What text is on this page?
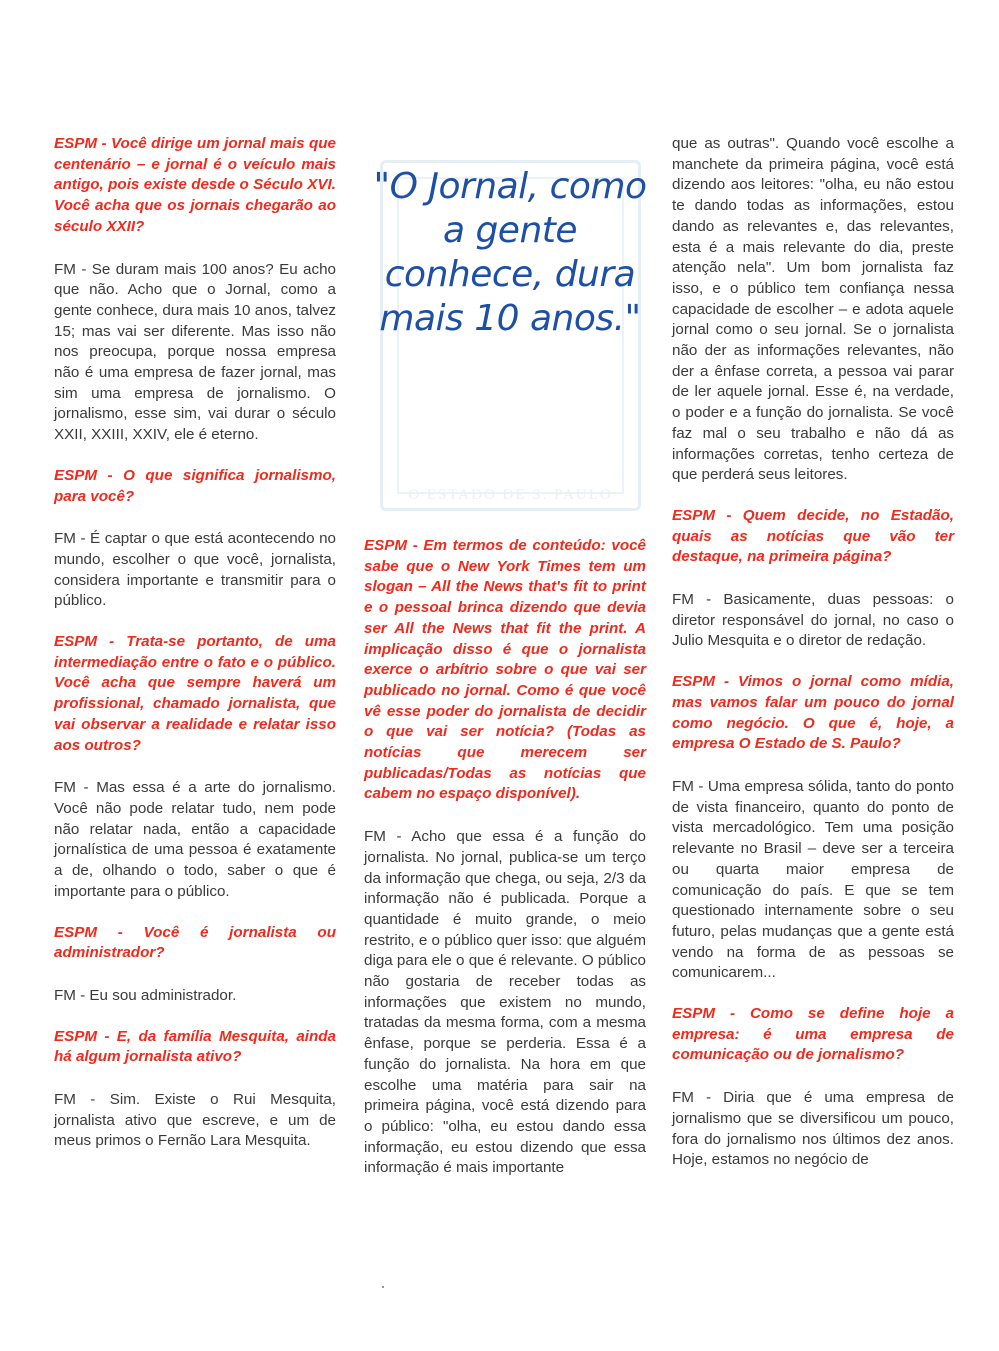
ESPM - Você dirige um jornal mais que centenário – e jornal é o veículo mais antigo, pois existe desde o Século XVI. Você acha que os jornais chegarão ao século XXII?

FM - Se duram mais 100 anos? Eu acho que não. Acho que o Jornal, como a gente conhece, dura mais 10 anos, talvez 15; mas vai ser diferente. Mas isso não nos preocupa, porque nossa empresa não é uma empresa de fazer jornal, mas sim uma empresa de jornalismo. O jornalismo, esse sim, vai durar o século XXII, XXIII, XXIV, ele é eterno.

ESPM - O que significa jornalismo, para você?

FM - É captar o que está acontecendo no mundo, escolher o que você, jornalista, considera importante e transmitir para o público.

ESPM - Trata-se portanto, de uma intermediação entre o fato e o público. Você acha que sempre haverá um profissional, chamado jornalista, que vai observar a realidade e relatar isso aos outros?

FM - Mas essa é a arte do jornalismo. Você não pode relatar tudo, nem pode não relatar nada, então a capacidade jornalística de uma pessoa é exatamente a de, olhando o todo, saber o que é importante para o público.

ESPM - Você é jornalista ou administrador?

FM - Eu sou administrador.

ESPM - E, da família Mesquita, ainda há algum jornalista ativo?

FM - Sim. Existe o Rui Mesquita, jornalista ativo que escreve, e um de meus primos o Fernão Lara Mesquita.

O ESTADO DE S. PAULO
"O Jornal, como a gente conhece, dura mais 10 anos."

ESPM - Em termos de conteúdo: você sabe que o New York Times tem um slogan – All the News that's fit to print e o pessoal brinca dizendo que devia ser All the News that fit the print. A implicação disso é que o jornalista exerce o arbítrio sobre o que vai ser publicado no jornal. Como é que você vê esse poder do jornalista de decidir o que vai ser notícia? (Todas as notícias que merecem ser publicadas/Todas as notícias que cabem no espaço disponível).

FM - Acho que essa é a função do jornalista. No jornal, publica-se um terço da informação que chega, ou seja, 2/3 da informação não é publicada. Porque a quantidade é muito grande, o meio restrito, e o público quer isso: que alguém diga para ele o que é relevante. O público não gostaria de receber todas as informações que existem no mundo, tratadas da mesma forma, com a mesma ênfase, porque se perderia. Essa é a função do jornalista. Na hora em que escolhe uma matéria para sair na primeira página, você está dizendo para o público: "olha, eu estou dando essa informação, eu estou dizendo que essa informação é mais importante

que as outras". Quando você escolhe a manchete da primeira página, você está dizendo aos leitores: "olha, eu não estou te dando todas as informações, estou dando as relevantes e, das relevantes, esta é a mais relevante do dia, preste atenção nela". Um bom jornalista faz isso, e o público tem confiança nessa capacidade de escolher – e adota aquele jornal como o seu jornal. Se o jornalista não der as informações relevantes, não der a ênfase correta, a pessoa vai parar de ler aquele jornal. Esse é, na verdade, o poder e a função do jornalista. Se você faz mal o seu trabalho e não dá as informações corretas, tenho certeza de que perderá seus leitores.

ESPM - Quem decide, no Estadão, quais as notícias que vão ter destaque, na primeira página?

FM - Basicamente, duas pessoas: o diretor responsável do jornal, no caso o Julio Mesquita e o diretor de redação.

ESPM - Vimos o jornal como mídia, mas vamos falar um pouco do jornal como negócio. O que é, hoje, a empresa O Estado de S. Paulo?

FM - Uma empresa sólida, tanto do ponto de vista financeiro, quanto do ponto de vista mercadológico. Tem uma posição relevante no Brasil – deve ser a terceira ou quarta maior empresa de comunicação do país. E que se tem questionado internamente sobre o seu futuro, pelas mudanças que a gente está vendo na forma de as pessoas se comunicarem...

ESPM - Como se define hoje a empresa: é uma empresa de comunicação ou de jornalismo?

FM - Diria que é uma empresa de jornalismo que se diversificou um pouco, fora do jornalismo nos últimos dez anos. Hoje, estamos no negócio de
